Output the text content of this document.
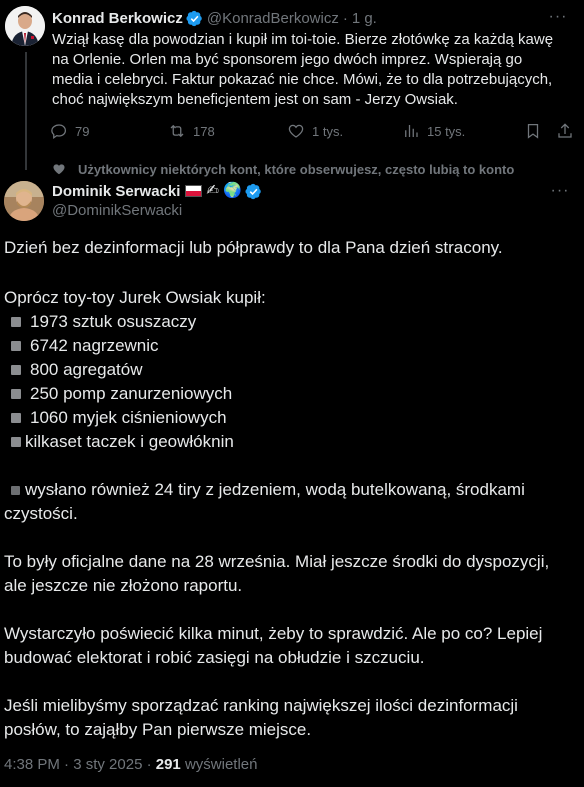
Konrad Berkowicz @KonradBerkowicz · 1 g.	···
Wziął kasę dla powodzian i kupił im toi-toie. Bierze złotówkę za każdą kawę
na Orlenie. Orlen ma być sponsorem jego dwóch imprez. Wspierają go
media i celebryci. Faktur pokazać nie chce. Mówi, że to dla potrzebujących,
choć największym beneficjentem jest on sam - Jerzy Owsiak.
79	178	1 tys.	15 tys.
Użytkownicy niektórych kont, które obserwujesz, często lubią to konto
Dominik Serwacki ✍ 🌍
@DominikSerwacki
···
Dzień bez dezinformacji lub półprawdy to dla Pana dzień stracony.
Oprócz toy-toy Jurek Owsiak kupił:
1973 sztuk osuszaczy
6742 nagrzewnic
800 agregatów
250 pomp zanurzeniowych
1060 myjek ciśnieniowych
kilkaset taczek i geowłóknin
wysłano również 24 tiry z jedzeniem, wodą butelkowaną, środkami
czystości.
To były oficjalne dane na 28 września. Miał jeszcze środki do dyspozycji,
ale jeszcze nie złożono raportu.
Wystarczyło poświecić kilka minut, żeby to sprawdzić. Ale po co? Lepiej
budować elektorat i robić zasięgi na obłudzie i szczuciu.
Jeśli mielibyśmy sporządzać ranking największej ilości dezinformacji
posłów, to zająłby Pan pierwsze miejsce.
4:38 PM · 3 sty 2025 · 291 wyświetleń
